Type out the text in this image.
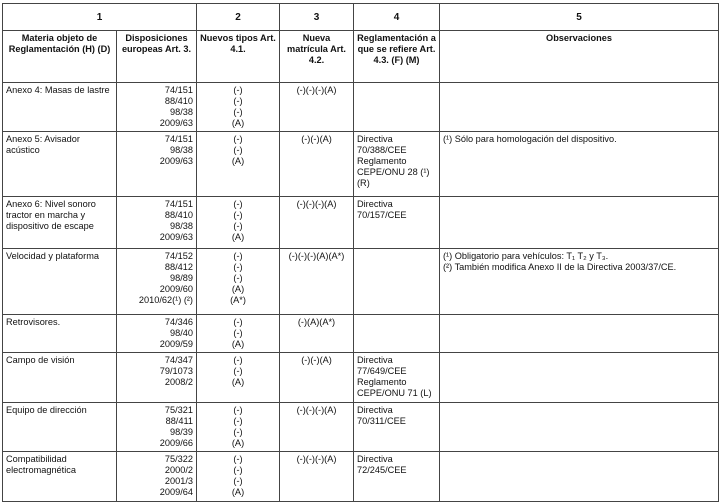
1		2	3	4	5
Materia objeto de Reglamentación (H) (D)	Disposiciones europeas Art. 3.	Nuevos tipos Art. 4.1.	Nueva matrícula Art. 4.2.	Reglamentación a que se refiere Art. 4.3. (F) (M)	Observaciones
Anexo 4: Masas de lastre	74/151
88/410
98/38
2009/63	(-)
(-)
(-)
(A)	(-)(-)(-)(A)		
Anexo 5: Avisador acústico	74/151
98/38
2009/63	(-)
(-)
(A)	(-)(-)(A)	Directiva
70/388/CEE
Reglamento
CEPE/ONU 28 (¹)
(R)	(¹) Sólo para homologación del dispositivo.

Anexo 6: Nivel sonoro tractor en marcha y dispositivo de escape	74/151
88/410
98/38
2009/63	(-)
(-)
(-)
(A)	(-)(-)(-)(A)	Directiva
70/157/CEE	

Velocidad y plataforma	74/152
88/412
98/89
2009/60
2010/62(¹) (²)	(-)
(-)
(-)
(A)
(A*)	(-)(-)(-)(A)(A*)		(¹) Obligatorio para vehículos: T₁ T₂ y T₃.
(²) También modifica Anexo II de la Directiva 2003/37/CE.

Retrovisores.	74/346
98/40
2009/59	(-)
(-)
(A)	(-)(A)(A*)		
Campo de visión	74/347
79/1073
2008/2	(-)
(-)
(A)	(-)(-)(A)	Directiva
77/649/CEE
Reglamento
CEPE/ONU 71 (L)	

Equipo de dirección	75/321
88/411
98/39
2009/66	(-)
(-)
(-)
(A)	(-)(-)(-)(A)	Directiva
70/311/CEE	

Compatibilidad electromagnética	75/322
2000/2
2001/3
2009/64	(-)
(-)
(-)
(A)	(-)(-)(-)(A)	Directiva
72/245/CEE	
